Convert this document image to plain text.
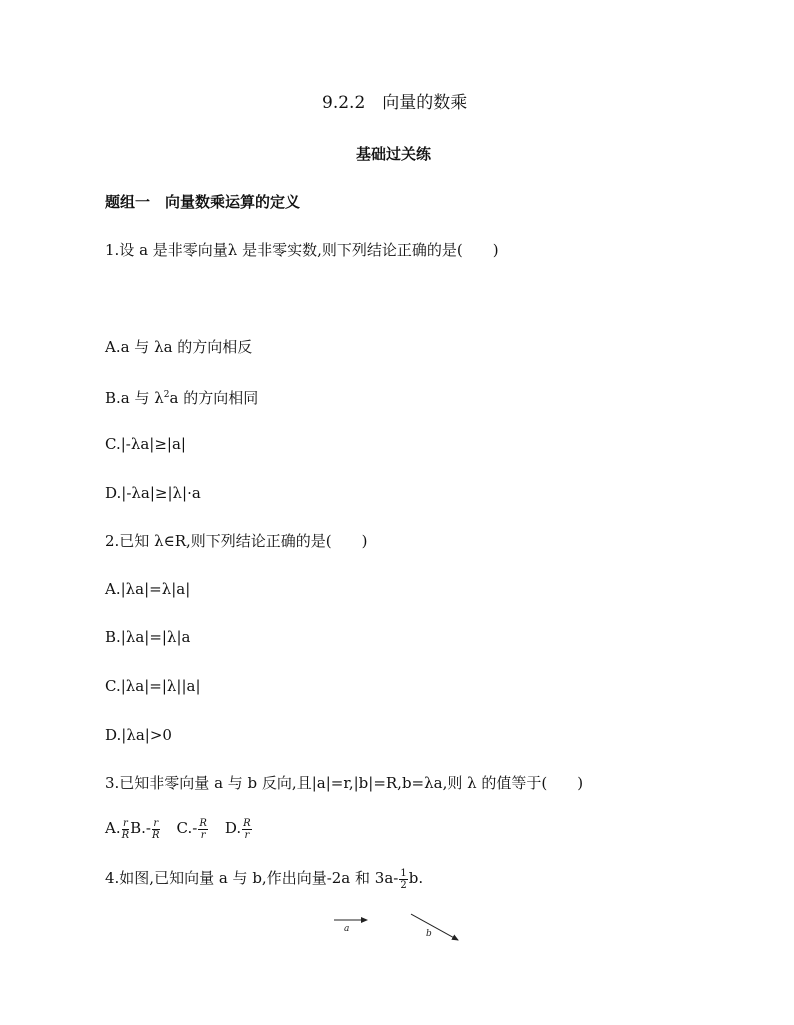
9.2.2　向量的数乘
基础过关练
题组一　向量数乘运算的定义
1.设 a 是非零向量λ 是非零实数,则下列结论正确的是(　　)
A.a 与 λa 的方向相反
B.a 与 $\lambda^2a$ 的方向相同
C.|-λa|≥|a|
D.|-λa|≥|λ|·a
2.已知 λ∈R,则下列结论正确的是(　　)
A.|λa|=λ|a|
B.|λa|=|λ|a
C.|λa|=|λ||a|
D.|λa|>0
3.已知非零向量 a 与 b 反向,且|a|=r,|b|=R,b=λa,则 λ 的值等于(　　)
A. $\frac{r}{R} B.- \frac{r}{R} C.- \frac{R}{r} D$. $\frac{R}{r}$
4.如图,已知向量 a 与 b,作出向量-2a 和 $3a- \frac{1}{2} b$.
a	b
